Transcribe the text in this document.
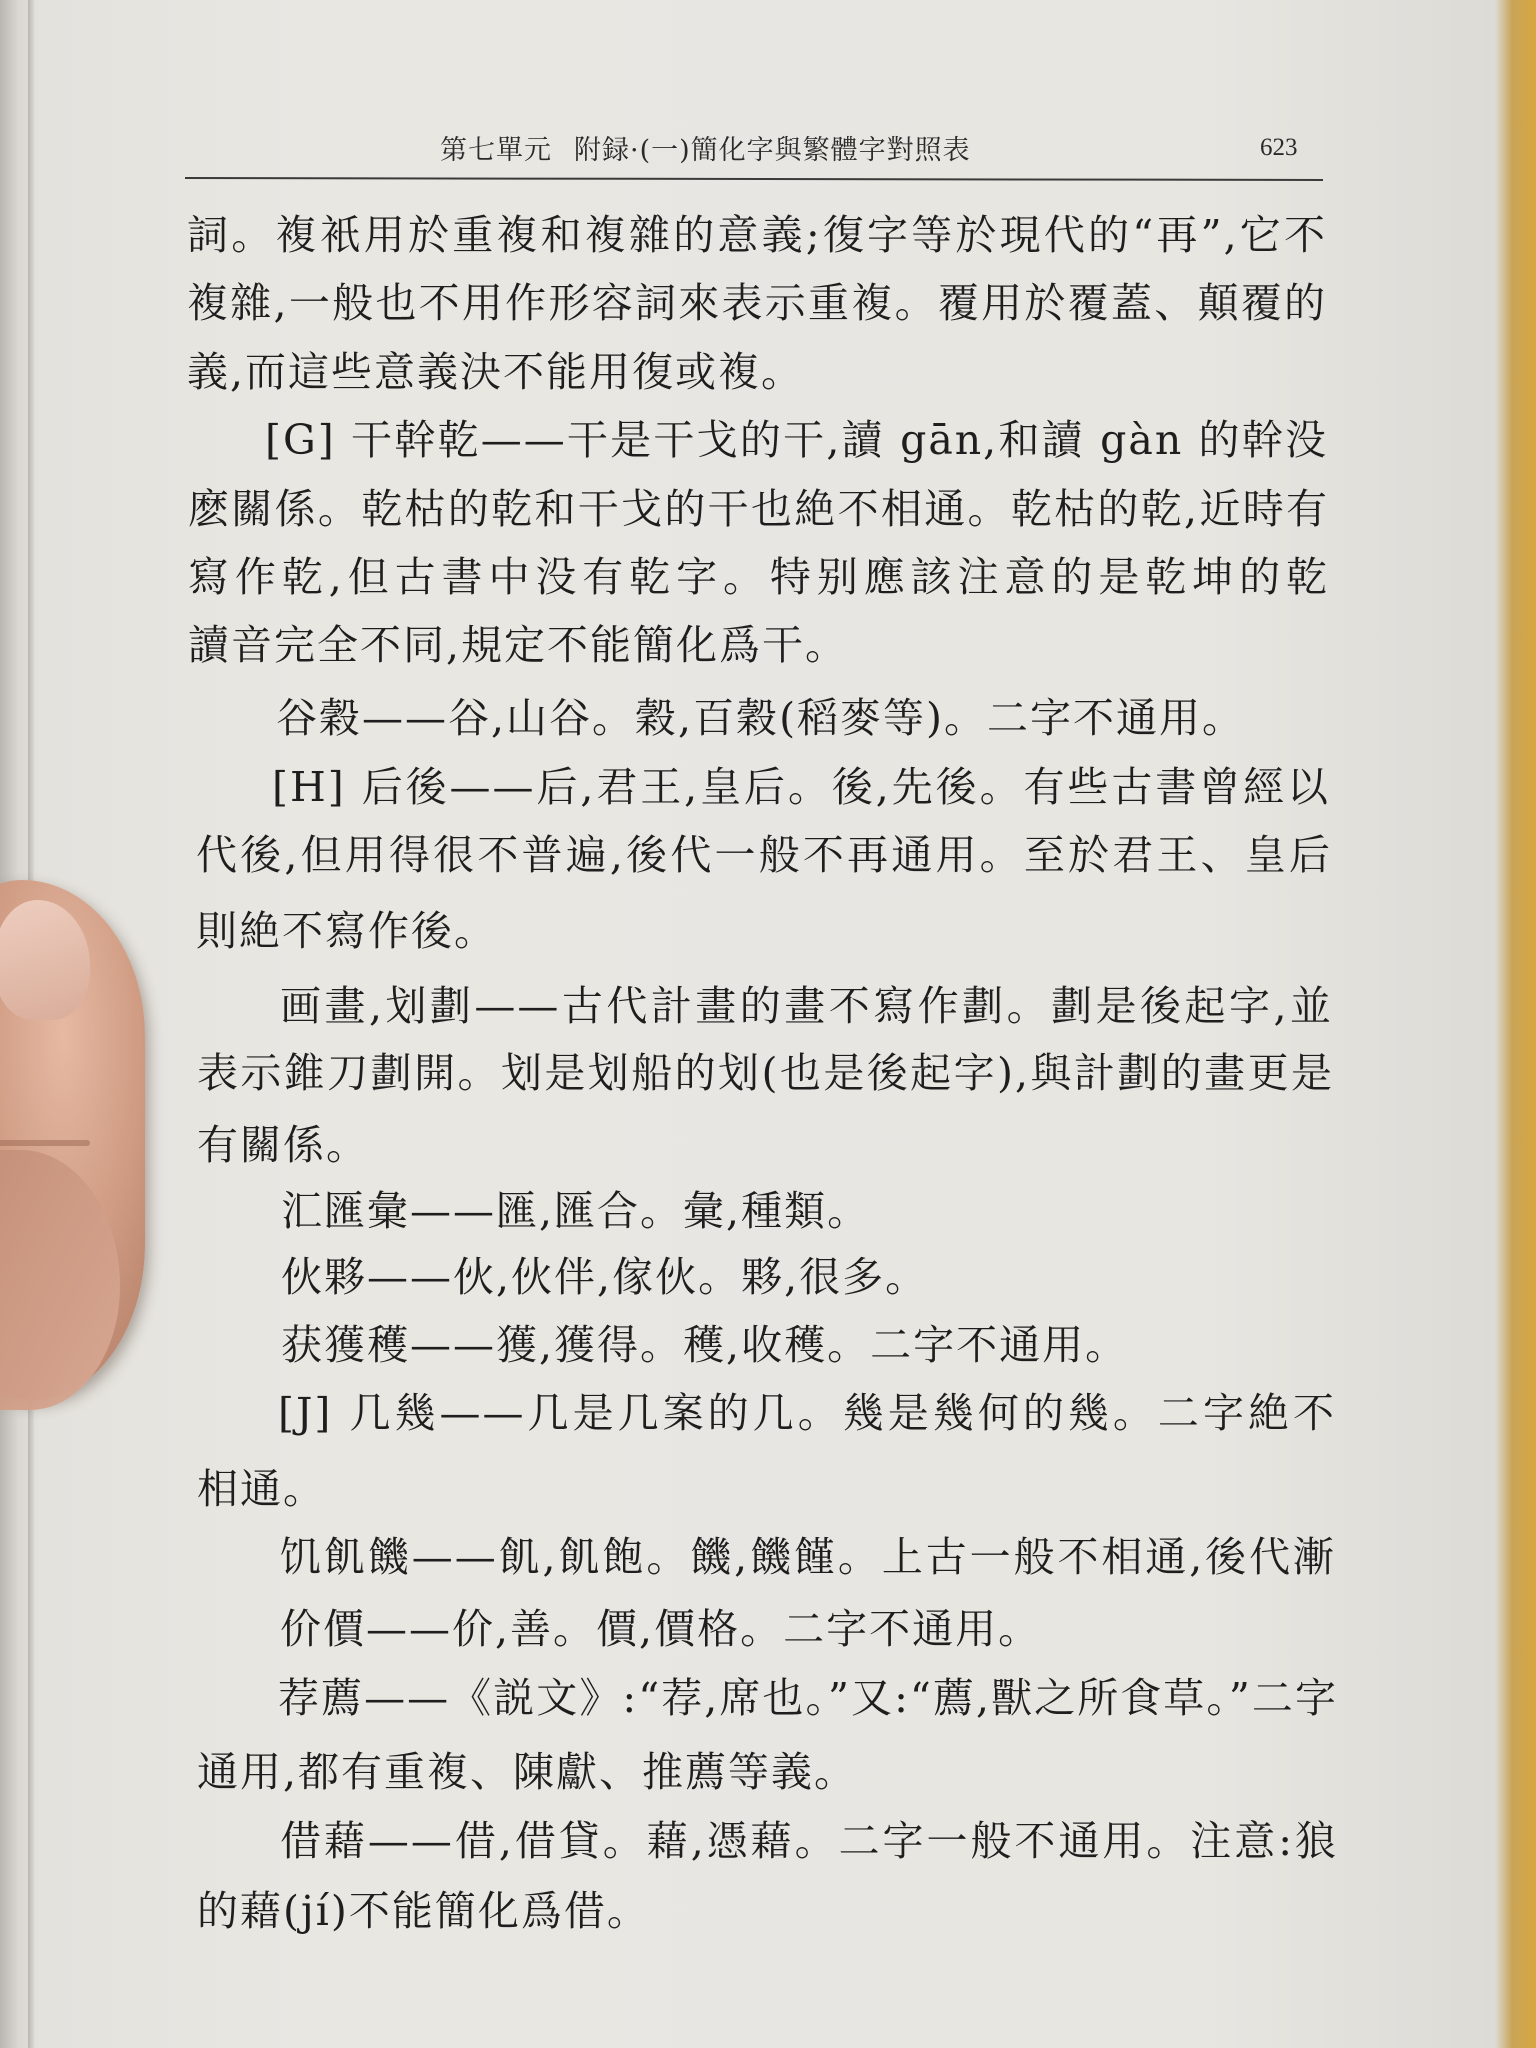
第七單元 附録·(一)簡化字與繁體字對照表	623
詞。複衹用於重複和複雜的意義;復字等於現代的“再”,它不
複雜,一般也不用作形容詞來表示重複。覆用於覆蓋、顛覆的
義,而這些意義決不能用復或複。
[G] 干幹乾——干是干戈的干,讀 gān,和讀 gàn 的幹没
麽關係。乾枯的乾和干戈的干也絶不相通。乾枯的乾,近時有
寫作乾,但古書中没有乾字。特别應該注意的是乾坤的乾
讀音完全不同,規定不能簡化爲干。
谷穀——谷,山谷。穀,百穀(稻麥等)。二字不通用。
[H] 后後——后,君王,皇后。後,先後。有些古書曾經以
代後,但用得很不普遍,後代一般不再通用。至於君王、皇后
則絶不寫作後。
画畫,划劃——古代計畫的畫不寫作劃。劃是後起字,並
表示錐刀劃開。划是划船的划(也是後起字),與計劃的畫更是
有關係。
汇匯彙——匯,匯合。彙,種類。
伙夥——伙,伙伴,傢伙。夥,很多。
获獲穫——獲,獲得。穫,收穫。二字不通用。
[J] 几幾——几是几案的几。幾是幾何的幾。二字絶不
相通。
饥飢饑——飢,飢飽。饑,饑饉。上古一般不相通,後代漸
价價——价,善。價,價格。二字不通用。
荐薦——《説文》:“荐,席也。”又:“薦,獸之所食草。”二字
通用,都有重複、陳獻、推薦等義。
借藉——借,借貸。藉,憑藉。二字一般不通用。注意:狼
的藉(jí)不能簡化爲借。
